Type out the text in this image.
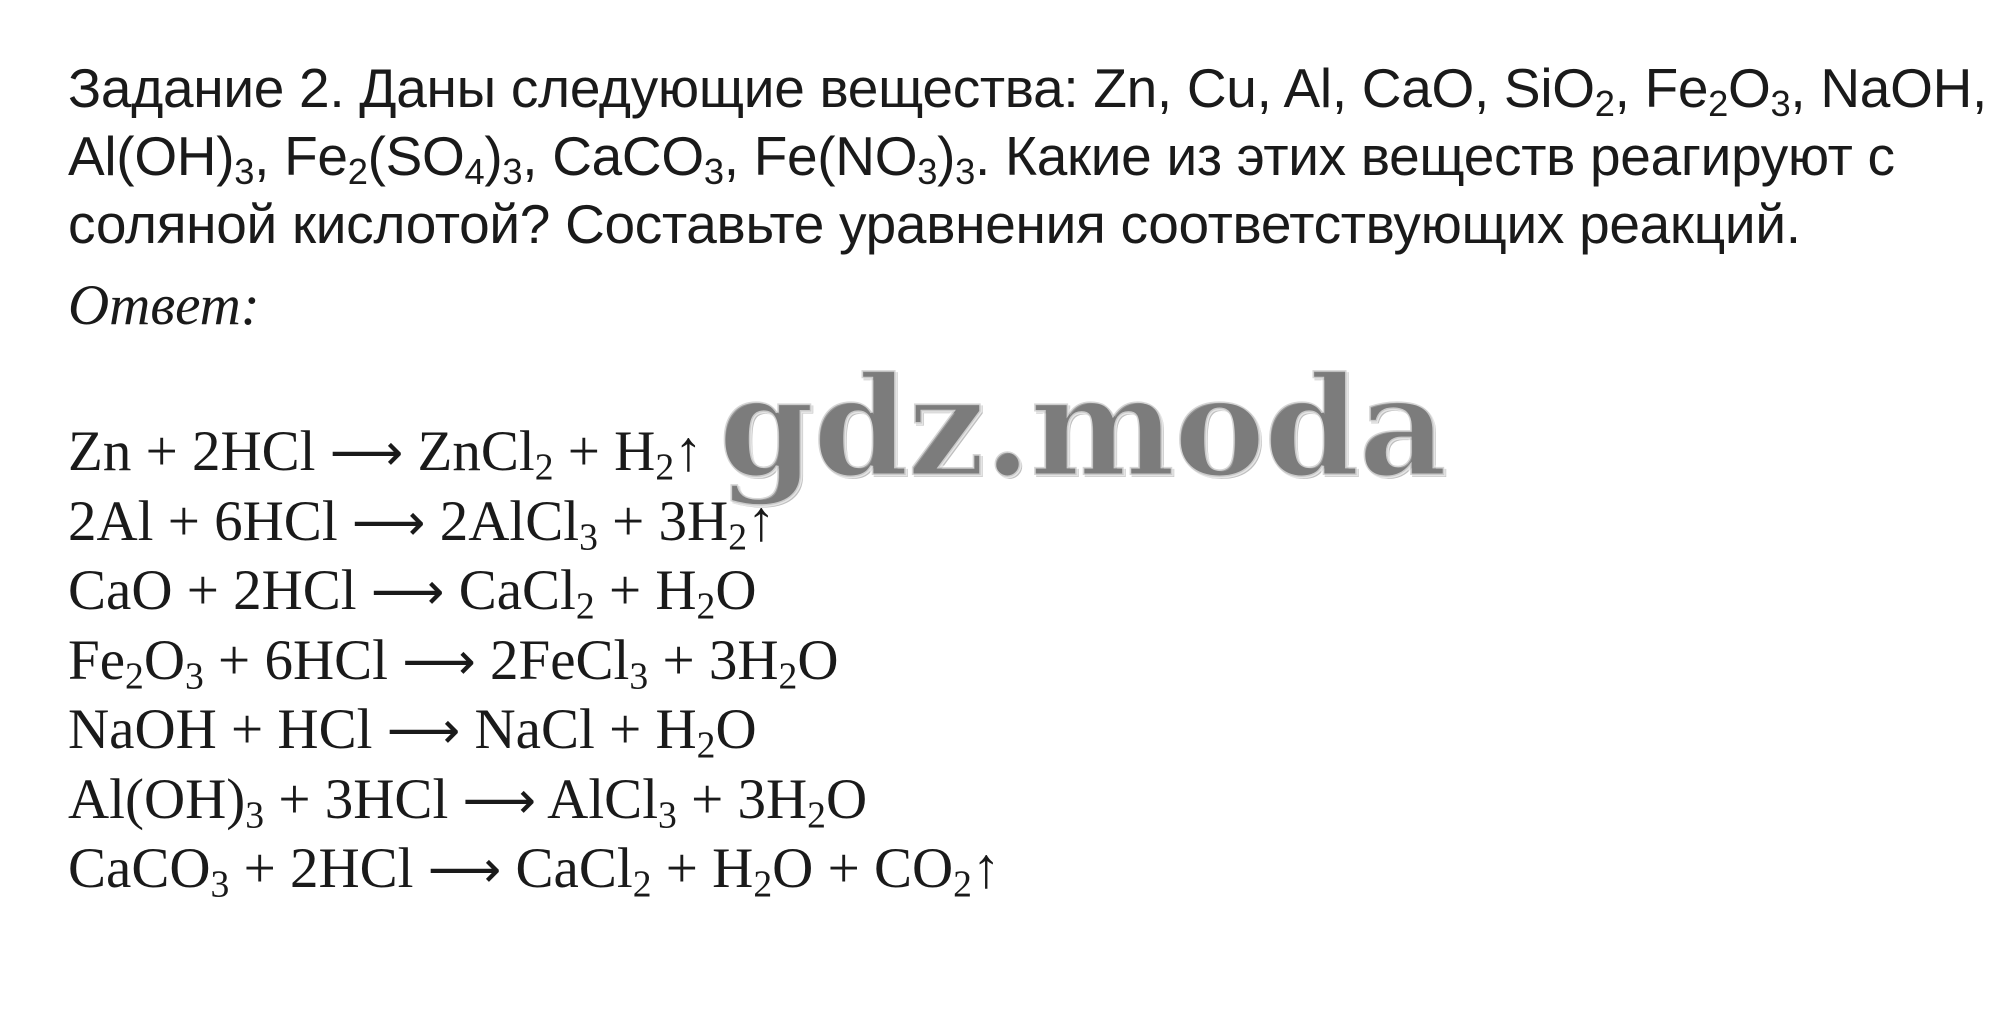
Задание 2. Даны следующие вещества: Zn, Cu, Al, CaO, SiO$_2$, $Fe_2O_3$, NaOH,
$Al(OH)_3$, $Fe_2(SO_4)_3$, CaCO$_3$, $Fe(NO_3)_3$. Какие из этих веществ реагируют с
соляной кислотой? Составьте уравнения соответствующих реакций.
Ответ:
Zn + 2HCl ⟶ ZnCl$_2$ + $H_2↑$
2Al + 6HCl ⟶ 2AlCl$_3$ + $3H_2↑$
CaO + 2HCl ⟶ CaCl$_2$ + $H_2O$
$Fe_2O_3 + 6HCl$ ⟶ 2FeCl$_3$ + $3H_2O$
NaOH + HCl ⟶ NaCl + $H_2O$
$Al(OH)_3 + 3HCl$ ⟶ AlCl$_3$ + $3H_2O$
CaCO$_3$ + 2HCl ⟶ CaCl$_2$ + $H_2O$ + $CO_2↑$
gdz.moda
